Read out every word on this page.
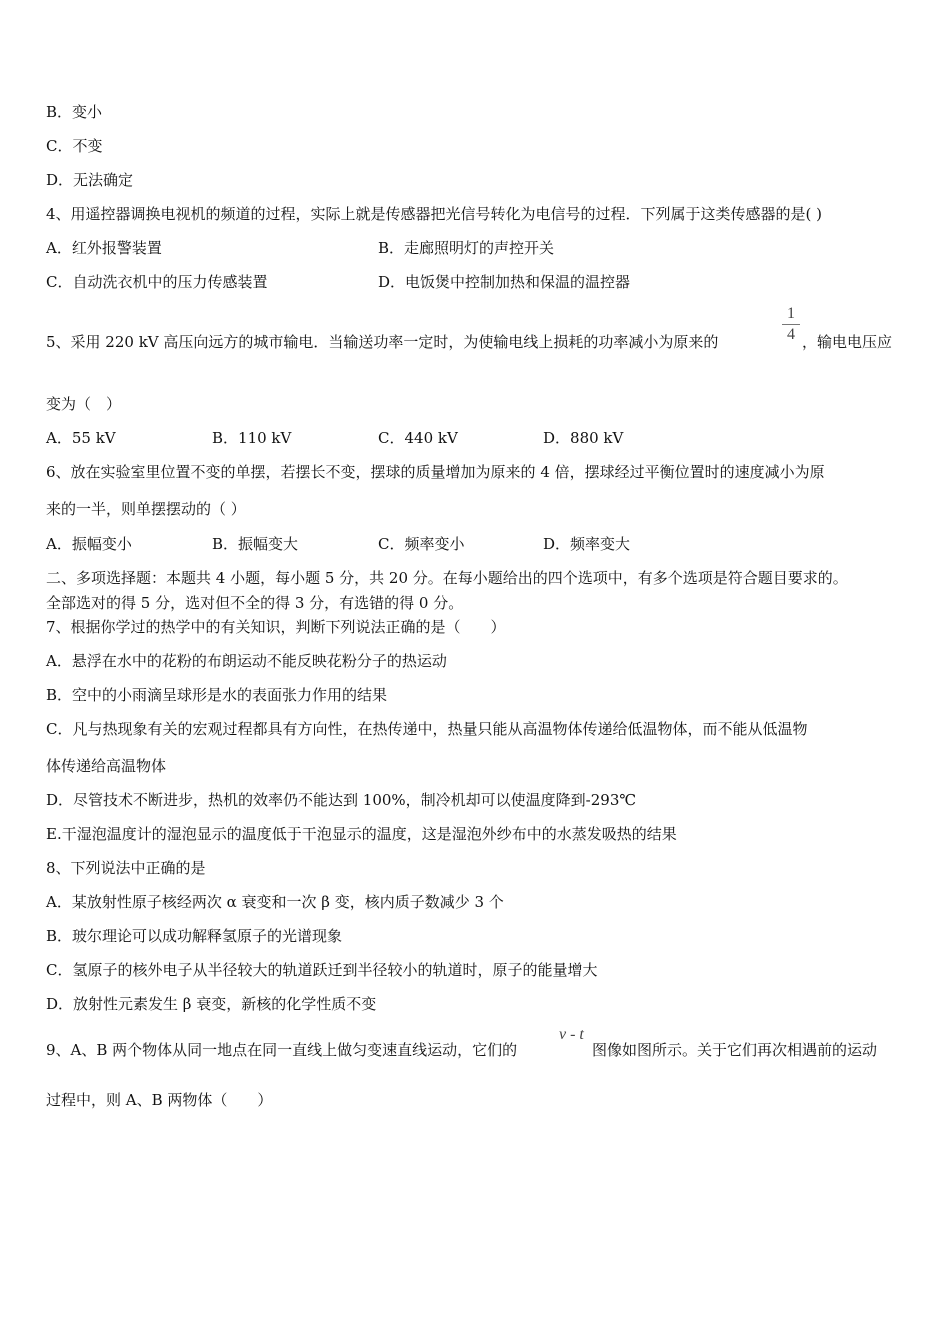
B．变小
C．不变
D．无法确定
4、用遥控器调换电视机的频道的过程，实际上就是传感器把光信号转化为电信号的过程．下列属于这类传感器的是( )
A．红外报警装置	B．走廊照明灯的声控开关
C．自动洗衣机中的压力传感装置	D．电饭煲中控制加热和保温的温控器
5、采用 220 kV 高压向远方的城市输电．当输送功率一定时，为使输电线上损耗的功率减小为原来的
1
4 ，输电电压应
变为（　）
A．55 kV	B．110 kV	C．440 kV	D．880 kV
6、放在实验室里位置不变的单摆，若摆长不变，摆球的质量增加为原来的 4 倍，摆球经过平衡位置时的速度减小为原
来的一半，则单摆摆动的（ ）
A．振幅变小	B．振幅变大	C．频率变小	D．频率变大
二、多项选择题：本题共 4 小题，每小题 5 分，共 20 分。在每小题给出的四个选项中，有多个选项是符合题目要求的。
全部选对的得 5 分，选对但不全的得 3 分，有选错的得 0 分。
7、根据你学过的热学中的有关知识，判断下列说法正确的是（　　）
A．悬浮在水中的花粉的布朗运动不能反映花粉分子的热运动
B．空中的小雨滴呈球形是水的表面张力作用的结果
C．凡与热现象有关的宏观过程都具有方向性，在热传递中，热量只能从高温物体传递给低温物体，而不能从低温物
体传递给高温物体
D．尽管技术不断进步，热机的效率仍不能达到 100%，制冷机却可以使温度降到-293℃
E.干湿泡温度计的湿泡显示的温度低于干泡显示的温度，这是湿泡外纱布中的水蒸发吸热的结果
8、下列说法中正确的是
A．某放射性原子核经两次 α 衰变和一次 β 变，核内质子数减少 3 个
B．玻尔理论可以成功解释氢原子的光谱现象
C．氢原子的核外电子从半径较大的轨道跃迁到半径较小的轨道时，原子的能量增大
D．放射性元素发生 β 衰变，新核的化学性质不变
9、A、B 两个物体从同一地点在同一直线上做匀变速直线运动，它们的
v - t
图像如图所示。关于它们再次相遇前的运动
过程中，则 A、B 两物体（　　）
